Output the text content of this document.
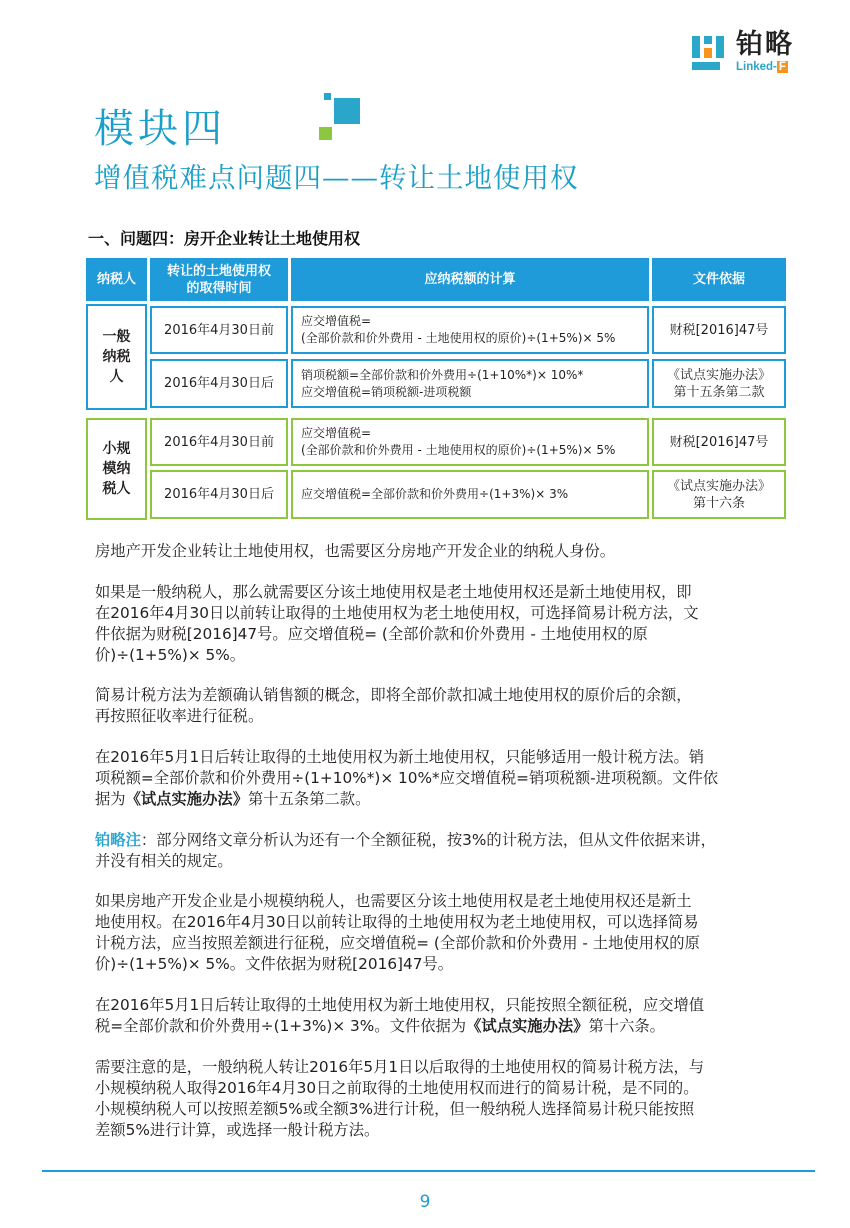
铂略
Linked- F
模块四
增值税难点问题四——转让土地使用权
一、问题四：房开企业转让土地使用权
纳税人
转让的土地使用权的取得时间
应纳税额的计算	文件依据
一般纳税人
2016年4月30日前
应交增值税=
(全部价款和价外费用 - 土地使用权的原价)÷(1+5%)× 5%
财税[2016]47号
2016年4月30日后
销项税额=全部价款和价外费用÷(1+10%*)× 10%*
应交增值税=销项税额-进项税额
《试点实施办法》
第十五条第二款
小规模纳税人
2016年4月30日前
应交增值税=
(全部价款和价外费用 - 土地使用权的原价)÷(1+5%)× 5%
财税[2016]47号
2016年4月30日后	应交增值税=全部价款和价外费用÷(1+3%)× 3%
《试点实施办法》
第十六条
房地产开发企业转让土地使用权，也需要区分房地产开发企业的纳税人身份。
如果是一般纳税人，那么就需要区分该土地使用权是老土地使用权还是新土地使用权，即
在2016年4月30日以前转让取得的土地使用权为老土地使用权，可选择简易计税方法，文
件依据为财税[2016]47号。应交增值税= (全部价款和价外费用 - 土地使用权的原
价)÷(1+5%)× 5%。
简易计税方法为差额确认销售额的概念，即将全部价款扣减土地使用权的原价后的余额，
再按照征收率进行征税。
在2016年5月1日后转让取得的土地使用权为新土地使用权，只能够适用一般计税方法。销
项税额=全部价款和价外费用÷(1+10%*)× 10%*应交增值税=销项税额-进项税额。文件依
据为《试点实施办法》第十五条第二款。
铂略注：部分网络文章分析认为还有一个全额征税，按3%的计税方法，但从文件依据来讲，
并没有相关的规定。
如果房地产开发企业是小规模纳税人，也需要区分该土地使用权是老土地使用权还是新土
地使用权。在2016年4月30日以前转让取得的土地使用权为老土地使用权，可以选择简易
计税方法，应当按照差额进行征税，应交增值税= (全部价款和价外费用 - 土地使用权的原
价)÷(1+5%)× 5%。文件依据为财税[2016]47号。
在2016年5月1日后转让取得的土地使用权为新土地使用权，只能按照全额征税，应交增值
税=全部价款和价外费用÷(1+3%)× 3%。文件依据为《试点实施办法》第十六条。
需要注意的是，一般纳税人转让2016年5月1日以后取得的土地使用权的简易计税方法，与
小规模纳税人取得2016年4月30日之前取得的土地使用权而进行的简易计税，是不同的。
小规模纳税人可以按照差额5%或全额3%进行计税，但一般纳税人选择简易计税只能按照
差额5%进行计算，或选择一般计税方法。
9
